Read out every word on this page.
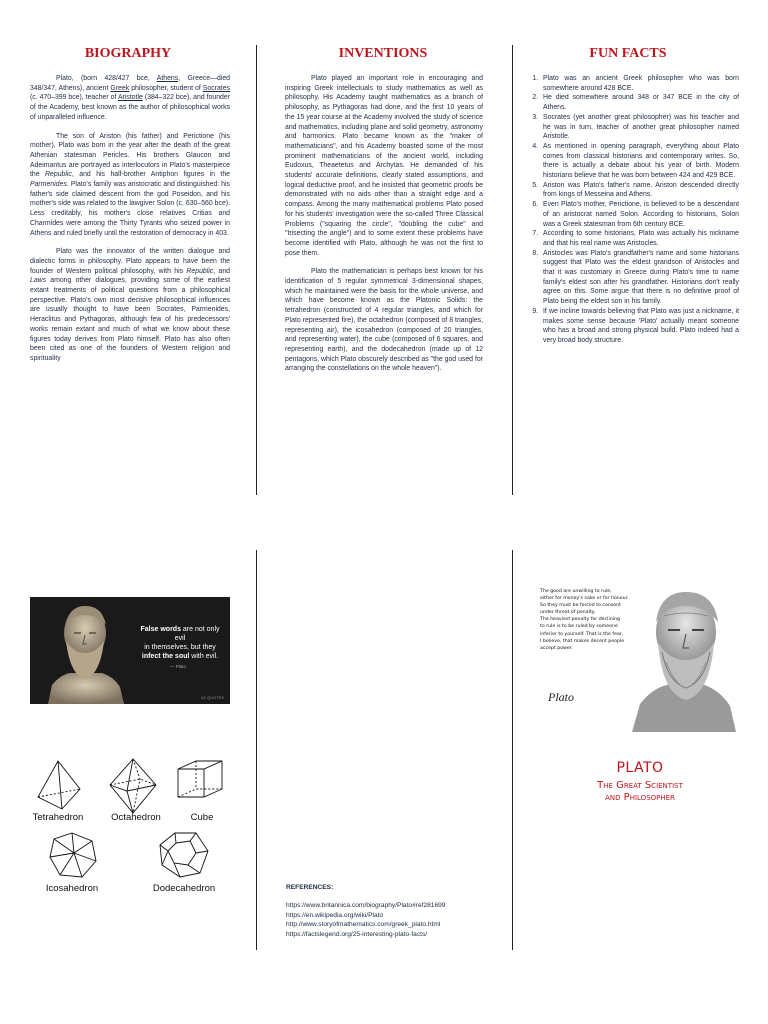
BIOGRAPHY	INVENTIONS	FUN FACTS

Plato, (born 428/427 bce, Athens, Greece—died 348/347, Athens), ancient Greek philosopher, student of Socrates (c. 470–399 bce), teacher of Aristotle (384–322 bce), and founder of the Academy, best known as the author of philosophical works of unparalleled influence.

The son of Ariston (his father) and Perictione (his mother), Plato was born in the year after the death of the great Athenian statesman Pericles. His brothers Glaucon and Adeimantus are portrayed as interlocutors in Plato's masterpiece the Republic, and his half-brother Antiphon figures in the Parmenides. Plato's family was aristocratic and distinguished: his father's side claimed descent from the god Poseidon, and his mother's side was related to the lawgiver Solon (c. 630–560 bce). Less creditably, his mother's close relatives Critias and Charmides were among the Thirty Tyrants who seized power in Athens and ruled briefly until the restoration of democracy in 403.

Plato was the innovator of the written dialogue and dialectic forms in philosophy. Plato appears to have been the founder of Western political philosophy, with his Republic, and Laws among other dialogues, providing some of the earliest extant treatments of political questions from a philosophical perspective. Plato's own most decisive philosophical influences are usually thought to have been Socrates, Parmenides, Heraclitus and Pythagoras, although few of his predecessors' works remain extant and much of what we know about these figures today derives from Plato himself. Plato has also often been cited as one of the founders of Western religion and spirituality

Plato played an important role in encouraging and inspiring Greek intellectuals to study mathematics as well as philosophy. His Academy taught mathematics as a branch of philosophy, as Pythagoras had done, and the first 10 years of the 15 year course at the Academy involved the study of science and mathematics, including plane and solid geometry, astronomy and harmonics. Plato became known as the "maker of mathematicians", and his Academy boasted some of the most prominent mathematicians of the ancient world, including Eudoxus, Theaetetus and Archytas. He demanded of his students' accurate definitions, clearly stated assumptions, and logical deductive proof, and he insisted that geometric proofs be demonstrated with no aids other than a straight edge and a compass. Among the many mathematical problems Plato posed for his students' investigation were the so-called Three Classical Problems ("squaring the circle", "doubling the cube" and "trisecting the angle") and to some extent these problems have become identified with Plato, although he was not the first to pose them.

Plato the mathematician is perhaps best known for his identification of 5 regular symmetrical 3-dimensional shapes, which he maintained were the basis for the whole universe, and which have become known as the Platonic Solids: the tetrahedron (constructed of 4 regular triangles, and which for Plato represented fire), the octahedron (composed of 8 triangles, representing air), the icosahedron (composed of 20 triangles, and representing water), the cube (composed of 6 squares, and representing earth), and the dodecahedron (made up of 12 pentagons, which Plato obscurely described as "the god used for arranging the constellations on the whole heaven").

1. Plato was an ancient Greek philosopher who was born somewhere around 428 BCE.
2. He died somewhere around 348 or 347 BCE in the city of Athens.
3. Socrates (yet another great philosopher) was his teacher and he was in turn, teacher of another great philosopher named Aristotle.
4. As mentioned in opening paragraph, everything about Plato comes from classical historians and contemporary writes. So, there is actually a debate about his year of birth. Modern historians believe that he was born between 424 and 429 BCE.
5. Ariston was Plato's father's name. Ariston descended directly from kings of Messeina and Athens.
6. Even Plato's mother, Perictione, is believed to be a descendant of an aristocrat named Solon. According to historians, Solon was a Greek statesman from 6th century BCE.
7. According to some historians, Plato was actually his nickname and that his real name was Aristocles.
8. Aristocles was Plato's grandfather's name and some historians suggest that Plato was the eldest grandson of Aristocles and that it was customary in Greece during Plato's time to name family's eldest son after his grandfather. Historians don't really agree on this. Some argue that there is no definitive proof of Plato being the eldest son in his family.
9. If we incline towards believing that Plato was just a nickname, it makes some sense because 'Plato' actually meant someone who has a broad and strong physical build. Plato indeed had a very broad body structure.
False words are not only evil
in themselves, but they
infect the soul with evil.
— Plato
AZ QUOTES
Tetrahedron	Octahedron	Cube
Icosahedron	Dodecahedron	REFERENCES:
https://www.britannica.com/biography/Plato#ref281699
https://en.wikipedia.org/wiki/Plato
http://www.storyofmathematics.com/greek_plato.html
https://factslegend.org/25-interesting-plato-facts/
The good are unwilling to rule,
either for money's sake or for honour.
So they must be forced to consent
under threat of penalty.
The heaviest penalty for declining
to rule is to be ruled by someone
inferior to yourself. That is the fear,
I believe, that makes decent people
accept power.
Plato
PLATO
The Great Scientist
and Philosopher
